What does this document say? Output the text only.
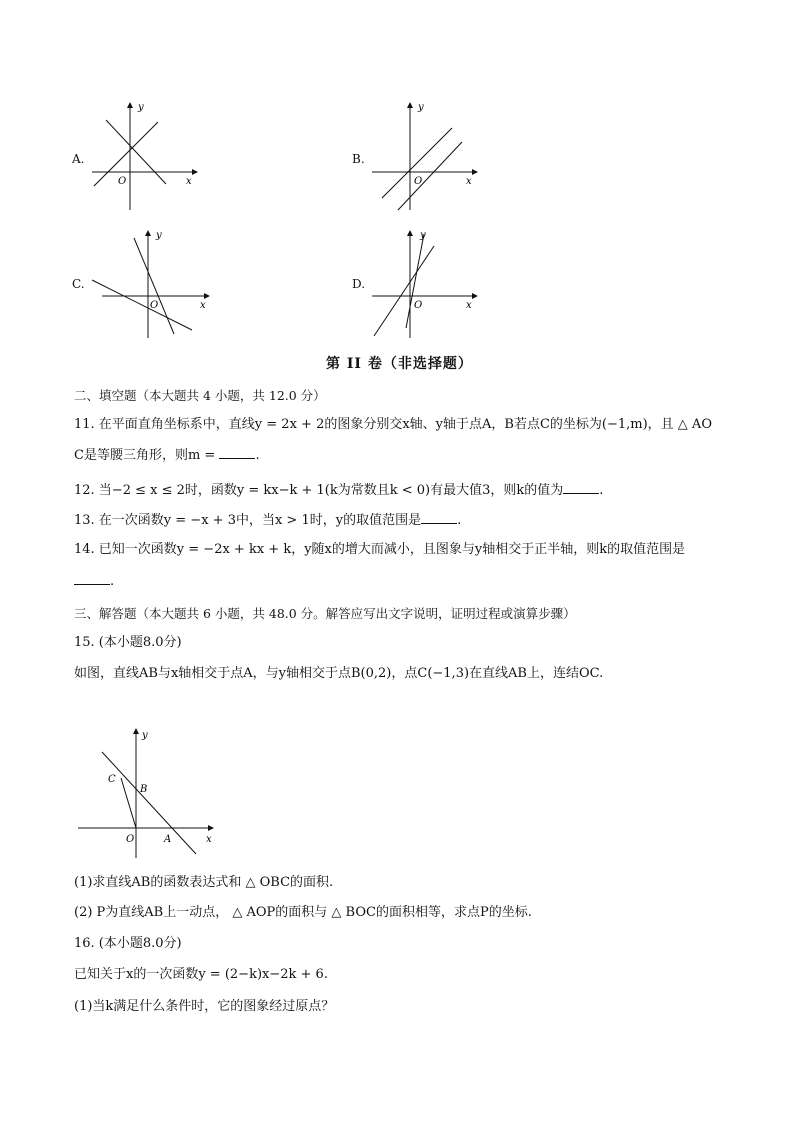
A.
y
x
O
B.
y
x
O
C.
y
x
O
D.
y
x
O
第 II 卷（非选择题）
二、填空题（本大题共 4 小题，共 12.0 分）
11. 在平面直角坐标系中，直线y = 2x + 2的图象分别交x轴、y轴于点A，B若点C的坐标为(−1,m)，且 △ AO
C是等腰三角形，则m =	.
12. 当−2 ≤ x ≤ 2时，函数y = kx−k + 1(k为常数且k < 0)有最大值3，则k的值为	.
13. 在一次函数y = −x + 3中，当x > 1时，y的取值范围是	.
14. 已知一次函数y = −2x + kx + k，y随x的增大而减小，且图象与y轴相交于正半轴，则k的取值范围是
.
三、解答题（本大题共 6 小题，共 48.0 分。解答应写出文字说明，证明过程或演算步骤）
15. (本小题8.0分)
如图，直线AB与x轴相交于点A，与y轴相交于点B(0,2)，点C(−1,3)在直线AB上，连结OC.
y
x
C
B
O	A
(1)求直线AB的函数表达式和 △ OBC的面积.
(2) P为直线AB上一动点， △ AOP的面积与 △ BOC的面积相等，求点P的坐标.
16. (本小题8.0分)
已知关于x的一次函数y = (2−k)x−2k + 6.
(1)当k满足什么条件时，它的图象经过原点？
